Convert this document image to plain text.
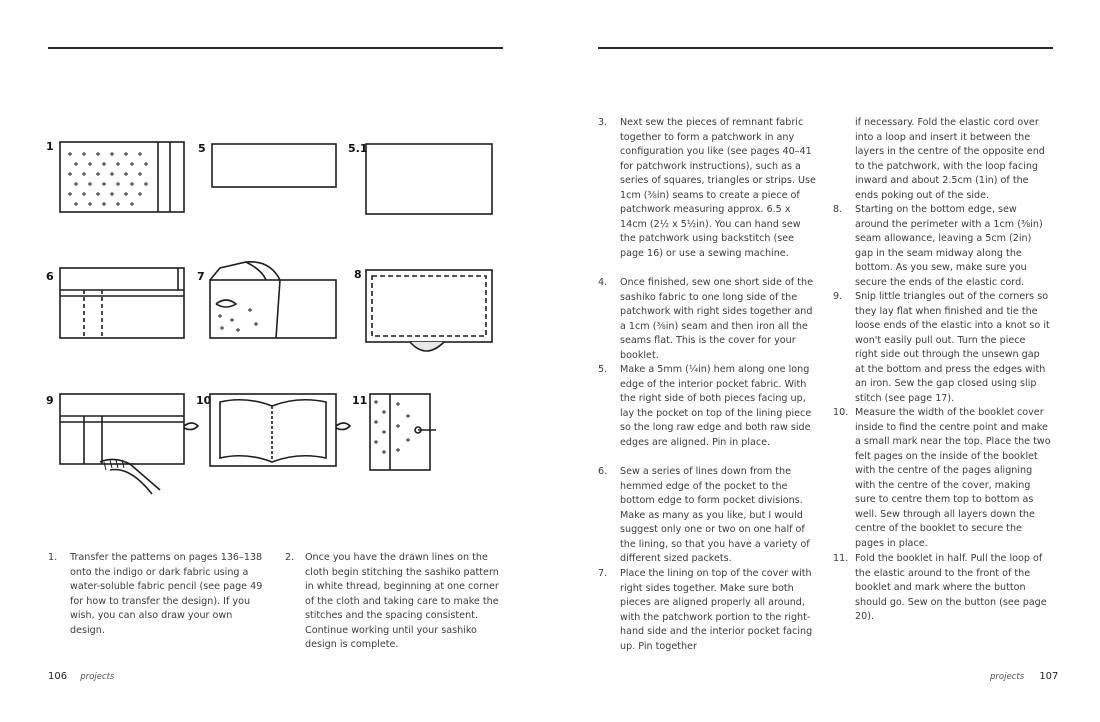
1	5	5.1
6	7	8
9	10	11
1. Transfer the patterns on pages 136–138 onto the indigo or dark fabric using a water-soluble fabric pencil (see page 49 for how to transfer the design). If you wish, you can also draw your own design.
2. Once you have the drawn lines on the cloth begin stitching the sashiko pattern in white thread, beginning at one corner of the cloth and taking care to make the stitches and the spacing consistent. Continue working until your sashiko design is complete.
3. Next sew the pieces of remnant fabric together to form a patchwork in any configuration you like (see pages 40–41 for patchwork instructions), such as a series of squares, triangles or strips. Use 1cm (⅜in) seams to create a piece of patchwork measuring approx. 6.5 x 14cm (2½ x 5½in). You can hand sew the patchwork using backstitch (see page 16) or use a sewing machine.
4. Once finished, sew one short side of the sashiko fabric to one long side of the patchwork with right sides together and a 1cm (⅜in) seam and then iron all the seams flat. This is the cover for your booklet.
5. Make a 5mm (¼in) hem along one long edge of the interior pocket fabric. With the right side of both pieces facing up, lay the pocket on top of the lining piece so the long raw edge and both raw side edges are aligned. Pin in place.
6. Sew a series of lines down from the hemmed edge of the pocket to the bottom edge to form pocket divisions. Make as many as you like, but I would suggest only one or two on one half of the lining, so that you have a variety of different sized packets.
7. Place the lining on top of the cover with right sides together. Make sure both pieces are aligned properly all around, with the patchwork portion to the right-hand side and the interior pocket facing up. Pin together
if necessary. Fold the elastic cord over into a loop and insert it between the layers in the centre of the opposite end to the patchwork, with the loop facing inward and about 2.5cm (1in) of the ends poking out of the side.
8. Starting on the bottom edge, sew around the perimeter with a 1cm (⅜in) seam allowance, leaving a 5cm (2in) gap in the seam midway along the bottom. As you sew, make sure you secure the ends of the elastic cord.
9. Snip little triangles out of the corners so they lay flat when finished and tie the loose ends of the elastic into a knot so it won't easily pull out. Turn the piece right side out through the unsewn gap at the bottom and press the edges with an iron. Sew the gap closed using slip stitch (see page 17).
10. Measure the width of the booklet cover inside to find the centre point and make a small mark near the top. Place the two felt pages on the inside of the booklet with the centre of the pages aligning with the centre of the cover, making sure to centre them top to bottom as well. Sew through all layers down the centre of the booklet to secure the pages in place.
11. Fold the booklet in half. Pull the loop of the elastic around to the front of the booklet and mark where the button should go. Sew on the button (see page 20).
106 projects	projects 107
